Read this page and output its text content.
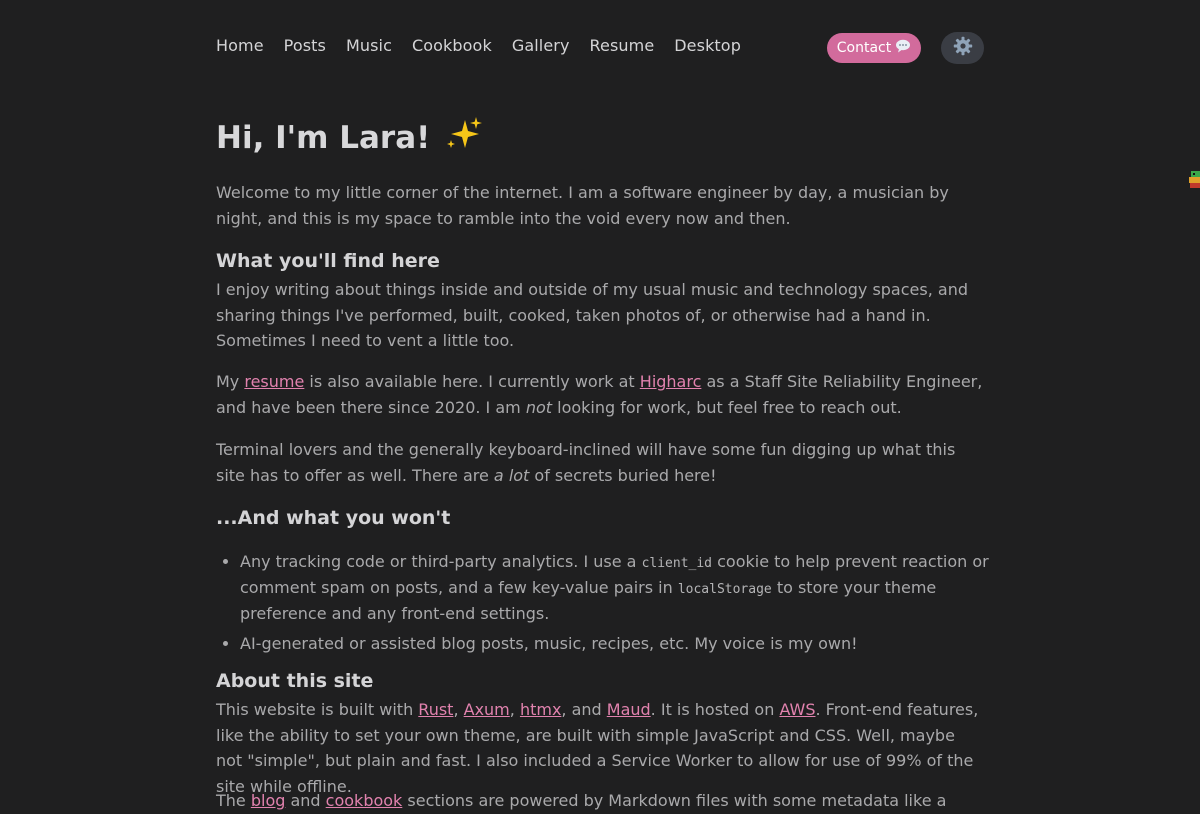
Home Posts Music Cookbook Gallery Resume Desktop	Contact
Hi, I'm Lara!

Welcome to my little corner of the internet. I am a software engineer by day, a musician by night, and this is my space to ramble into the void every now and then.

What you'll find here

I enjoy writing about things inside and outside of my usual music and technology spaces, and sharing things I've performed, built, cooked, taken photos of, or otherwise had a hand in. Sometimes I need to vent a little too.

My resume is also available here. I currently work at Higharc as a Staff Site Reliability Engineer, and have been there since 2020. I am not looking for work, but feel free to reach out.

Terminal lovers and the generally keyboard-inclined will have some fun digging up what this site has to offer as well. There are a lot of secrets buried here!

...And what you won't
• Any tracking code or third-party analytics. I use a client_id cookie to help prevent reaction or comment spam on posts, and a few key-value pairs in localStorage to store your theme preference and any front-end settings.
• AI-generated or assisted blog posts, music, recipes, etc. My voice is my own!
About this site

This website is built with Rust, Axum, htmx, and Maud. It is hosted on AWS. Front-end features, like the ability to set your own theme, are built with simple JavaScript and CSS. Well, maybe not "simple", but plain and fast. I also included a Service Worker to allow for use of 99% of the site while offline.

The blog and cookbook sections are powered by Markdown files with some metadata like a
